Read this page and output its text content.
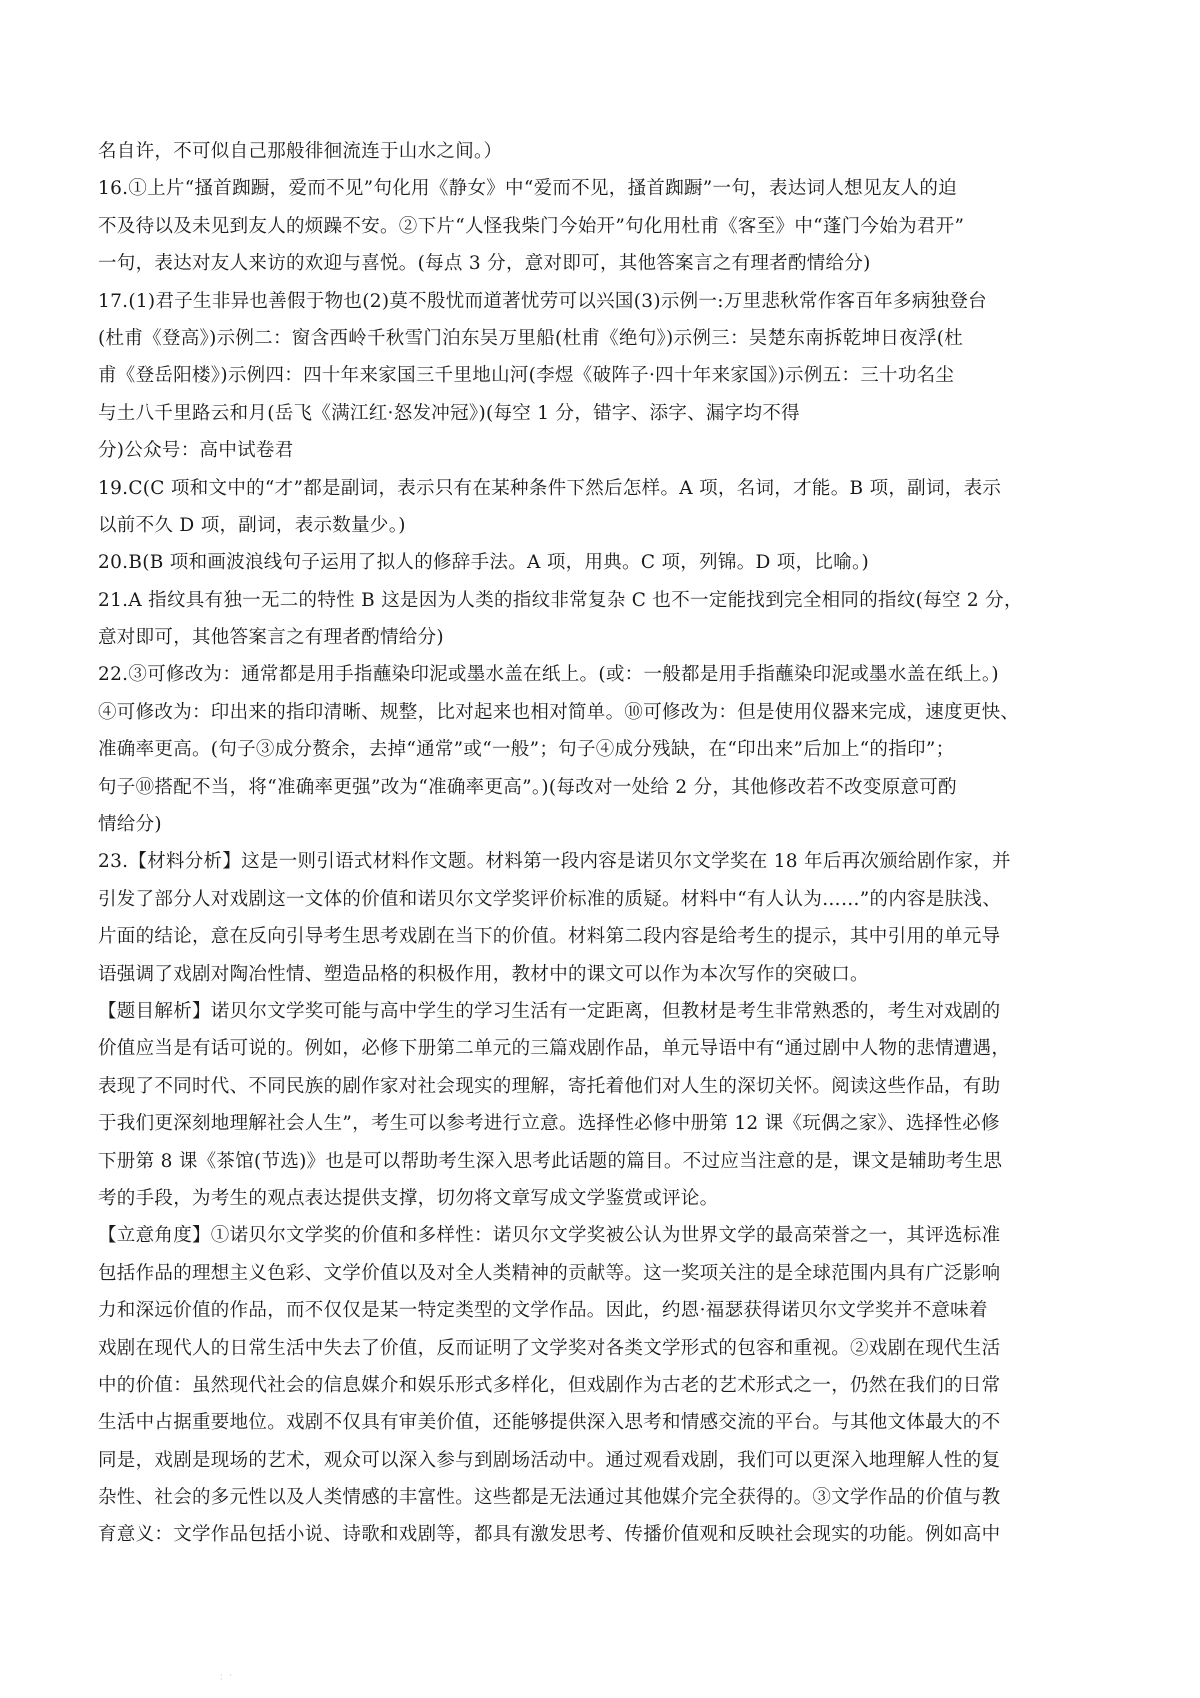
名自许，不可似自己那般徘徊流连于山水之间。）
16.①上片“搔首踟蹰，爱而不见”句化用《静女》中“爱而不见，搔首踟蹰”一句，表达词人想见友人的迫
不及待以及未见到友人的烦躁不安。②下片“人怪我柴门今始开”句化用杜甫《客至》中“蓬门今始为君开”
一句，表达对友人来访的欢迎与喜悦。(每点 3 分，意对即可，其他答案言之有理者酌情给分)
17.(1)君子生非异也善假于物也(2)莫不殷忧而道著忧劳可以兴国(3)示例一:万里悲秋常作客百年多病独登台
(杜甫《登高》)示例二：窗含西岭千秋雪门泊东吴万里船(杜甫《绝句》)示例三：吴楚东南拆乾坤日夜浮(杜
甫《登岳阳楼》)示例四：四十年来家国三千里地山河(李煜《破阵子·四十年来家国》)示例五：三十功名尘
与土八千里路云和月(岳飞《满江红·怒发冲冠》)(每空 1 分，错字、添字、漏字均不得
分)公众号：高中试卷君
19.C(C 项和文中的“才”都是副词，表示只有在某种条件下然后怎样。A 项，名词，才能。B 项，副词，表示
以前不久 D 项，副词，表示数量少。)
20.B(B 项和画波浪线句子运用了拟人的修辞手法。A 项，用典。C 项，列锦。D 项，比喻。)
21.A 指纹具有独一无二的特性 B 这是因为人类的指纹非常复杂 C 也不一定能找到完全相同的指纹(每空 2 分，
意对即可，其他答案言之有理者酌情给分)
22.③可修改为：通常都是用手指蘸染印泥或墨水盖在纸上。(或：一般都是用手指蘸染印泥或墨水盖在纸上。)
④可修改为：印出来的指印清晰、规整，比对起来也相对简单。⑩可修改为：但是使用仪器来完成，速度更快、
准确率更高。(句子③成分赘余，去掉“通常”或“一般”；句子④成分残缺，在“印出来”后加上“的指印”；
句子⑩搭配不当，将“准确率更强”改为“准确率更高”。)(每改对一处给 2 分，其他修改若不改变原意可酌
情给分)
23.【材料分析】这是一则引语式材料作文题。材料第一段内容是诺贝尔文学奖在 18 年后再次颁给剧作家，并
引发了部分人对戏剧这一文体的价值和诺贝尔文学奖评价标准的质疑。材料中“有人认为……”的内容是肤浅、
片面的结论，意在反向引导考生思考戏剧在当下的价值。材料第二段内容是给考生的提示，其中引用的单元导
语强调了戏剧对陶冶性情、塑造品格的积极作用，教材中的课文可以作为本次写作的突破口。
【题目解析】诺贝尔文学奖可能与高中学生的学习生活有一定距离，但教材是考生非常熟悉的，考生对戏剧的
价值应当是有话可说的。例如，必修下册第二单元的三篇戏剧作品，单元导语中有“通过剧中人物的悲情遭遇，
表现了不同时代、不同民族的剧作家对社会现实的理解，寄托着他们对人生的深切关怀。阅读这些作品，有助
于我们更深刻地理解社会人生”，考生可以参考进行立意。选择性必修中册第 12 课《玩偶之家》、选择性必修
下册第 8 课《茶馆(节选)》也是可以帮助考生深入思考此话题的篇目。不过应当注意的是，课文是辅助考生思
考的手段，为考生的观点表达提供支撑，切勿将文章写成文学鉴赏或评论。
【立意角度】①诺贝尔文学奖的价值和多样性：诺贝尔文学奖被公认为世界文学的最高荣誉之一，其评选标准
包括作品的理想主义色彩、文学价值以及对全人类精神的贡献等。这一奖项关注的是全球范围内具有广泛影响
力和深远价值的作品，而不仅仅是某一特定类型的文学作品。因此，约恩·福瑟获得诺贝尔文学奖并不意味着
戏剧在现代人的日常生活中失去了价值，反而证明了文学奖对各类文学形式的包容和重视。②戏剧在现代生活
中的价值：虽然现代社会的信息媒介和娱乐形式多样化，但戏剧作为古老的艺术形式之一，仍然在我们的日常
生活中占据重要地位。戏剧不仅具有审美价值，还能够提供深入思考和情感交流的平台。与其他文体最大的不
同是，戏剧是现场的艺术，观众可以深入参与到剧场活动中。通过观看戏剧，我们可以更深入地理解人性的复
杂性、社会的多元性以及人类情感的丰富性。这些都是无法通过其他媒介完全获得的。③文学作品的价值与教
育意义：文学作品包括小说、诗歌和戏剧等，都具有激发思考、传播价值观和反映社会现实的功能。例如高中
· · ·
